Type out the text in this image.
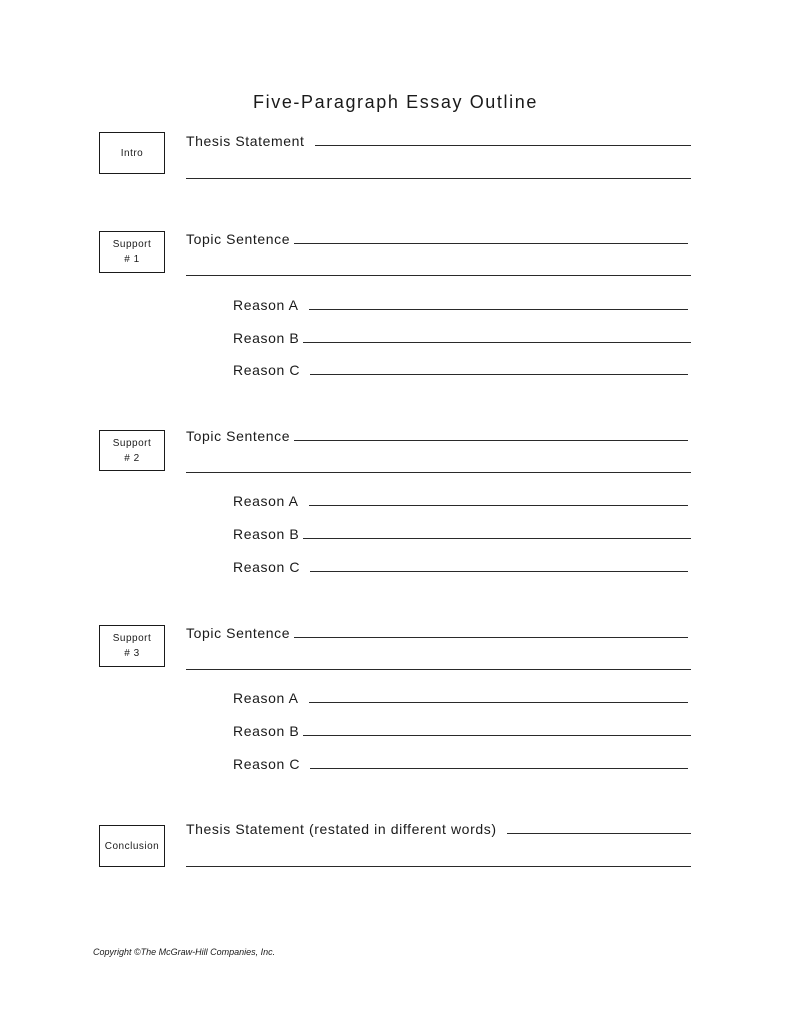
Five-Paragraph Essay Outline
Intro
Thesis Statement
Support
# 1
Topic Sentence
Reason A
Reason B
Reason C
Support
# 2
Topic Sentence
Reason A
Reason B
Reason C
Support
# 3
Topic Sentence
Reason A
Reason B
Reason C
Conclusion
Thesis Statement (restated in different words)
Copyright ©The McGraw-Hill Companies, Inc.
